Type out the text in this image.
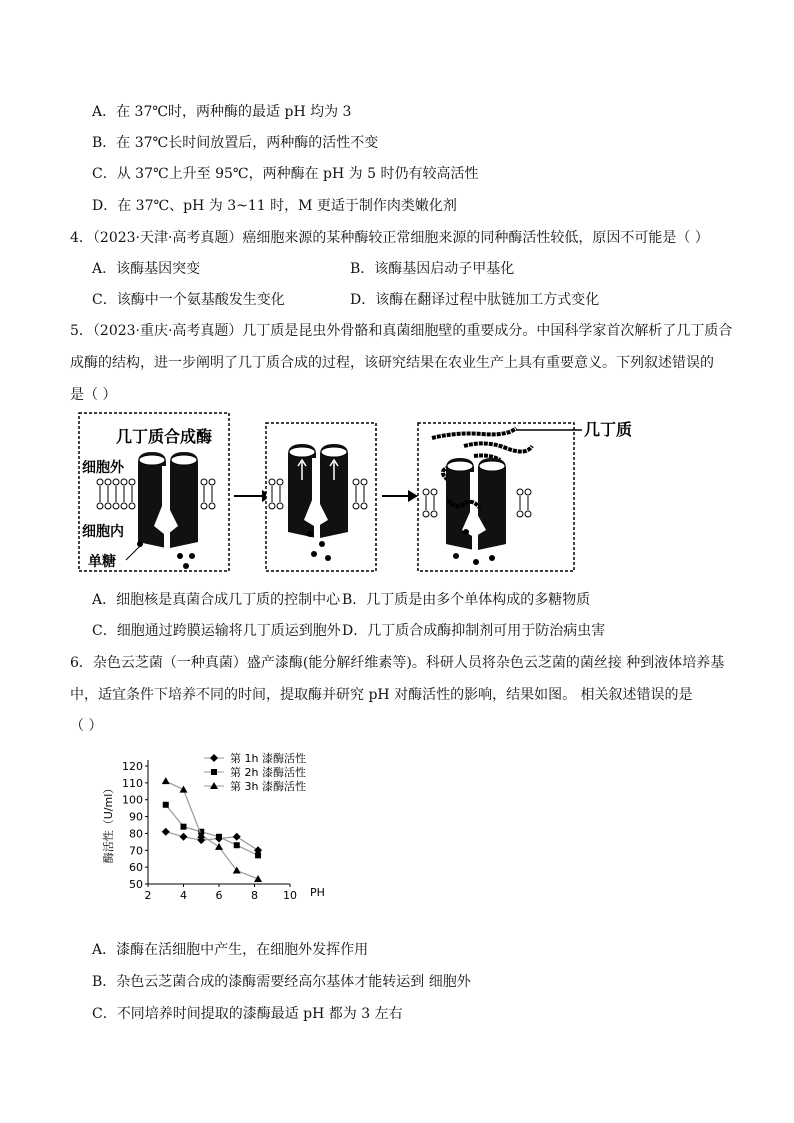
A．在 37℃时，两种酶的最适 pH 均为 3
B．在 37℃长时间放置后，两种酶的活性不变
C．从 37℃上升至 95℃，两种酶在 pH 为 5 时仍有较高活性
D．在 37℃、pH 为 3~11 时，M 更适于制作肉类嫩化剂
4．（2023·天津·高考真题）癌细胞来源的某种酶较正常细胞来源的同种酶活性较低，原因不可能是（ ）
A．该酶基因突变	B．该酶基因启动子甲基化
C．该酶中一个氨基酸发生变化	D．该酶在翻译过程中肽链加工方式变化
5．（2023·重庆·高考真题）几丁质是昆虫外骨骼和真菌细胞壁的重要成分。中国科学家首次解析了几丁质合
成酶的结构，进一步阐明了几丁质合成的过程，该研究结果在农业生产上具有重要意义。下列叙述错误的
是（ ）
几丁质合成酶
细胞外
细胞内
单糖
几丁质
A．细胞核是真菌合成几丁质的控制中心 B．几丁质是由多个单体构成的多糖物质
C．细胞通过跨膜运输将几丁质运到胞外 D．几丁质合成酶抑制剂可用于防治病虫害
6．杂色云芝菌（一种真菌）盛产漆酶(能分解纤维素等)。科研人员将杂色云芝菌的菌丝接 种到液体培养基
中，适宜条件下培养不同的时间，提取酶并研究 pH 对酶活性的影响，结果如图。 相关叙述错误的是
（ ）
酶活性（U/ml）
PH
2	4	6	8 10
50
60
70
80
90
100
110
120
第 1h 漆酶活性
第 2h 漆酶活性
第 3h 漆酶活性
A．漆酶在活细胞中产生，在细胞外发挥作用
B．杂色云芝菌合成的漆酶需要经高尔基体才能转运到 细胞外
C．不同培养时间提取的漆酶最适 pH 都为 3 左右
